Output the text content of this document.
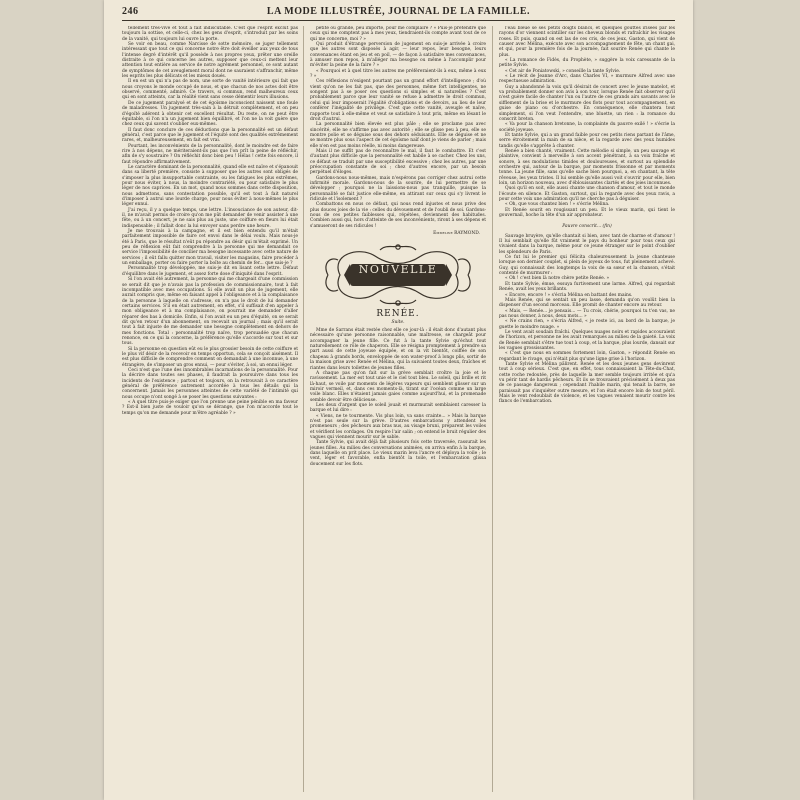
246	LA MODE ILLUSTRÉE, JOURNAL DE LA FAMILLE.

tellement très-vive et tout à fait indiscutable. C'est que l'esprit exclut pas toujours la sottise, et celle-ci, chez les gens d'esprit, s'introduit par les soins de la vanité, qui toujours lui ouvre la porte.

Se voir en beau, comme Narcisse de sotte mémoire, se juger tellement intéressant que tout ce qui concerne notre être doit éveiller aux yeux de tous l'intense degré d'intérêt qu'il possède à nos propres yeux, prêter une oreille distraite à ce qui concerne les autres, supposer que ceux-ci mettent leur attention tout entière au service de notre agrément personnel, ce sont autant de symptômes de cet aveuglement moral dont ne sauraient s'affranchir, même les esprits les plus délicats et les mieux doués.

Il en est un qui n'a pas de nom, une sorte de vanité intérieure qui fait que nous croyons le monde occupé de nous, et que chacun de nos actes doit être observé, commenté, admiré. Ce travers, si commun, rend malheureux ceux qui en sont atteints, car la réalité vient sans cesse démentir leurs illusions.

De ce jugement paralysé et de cet égoïsme inconscient naissent une foule de maladresses. Un jugement très-sain à la détruit complètement, et on peu d'égoïté adérent à obtenir cet excellent résultat. Du reste, on ne peut être équitable, si l'on n'a un jugement bien équilibré, et l'on ne la voit guère que chez ceux qui savent s'oublier eux-mêmes.

Il faut donc conclure de ces déductions que la personnalité est un défaut général, c'est parce que le jugement et l'équité sont des qualités extrêmement rares, et, malheureusement, en fait est vrai.

Pourtant, les inconvénients de la personnalité, dont le moindre est de faire rire à nos dépens, ne mériteraient-ils pas que l'on prît la peine de réfléchir, afin de s'y soustraire ? On réfléchit donc bien peu ! Hélas ! cette fois encore, il faut répondre affirmativement.

Le caractère dominant de la personnalité, quand elle est naïve et s'épanouit dans sa liberté première, consiste à supposer que les autres sont obligés de s'imposer la plus insupportable contrainte, ou les fatigues les plus extrêmes, pour nous éviter, à nous, la moindre contrariété, ou pour satisfaire le plus léger de nos caprices. En un mot, quand nous sommes dans cette disposition, nous admettons, sans contestation possible, qu'il est tout à fait naturel d'imposer à autrui une lourde charge, pour nous éviter à nous-mêmes le plus léger ennui.

J'ai reçu, il y a quelque temps, une lettre. L'insouciance de son auteur, dit-il, ne m'avait permis de croire qu'on me pût demander de venir assister à une fête, ou à un concert, je ne sais plus au juste, une coiffure en fleurs lui était indispensable ; il fallait donc la lui envoyer sans perdre une heure.

Je me trouvais à la campagne, et il est bien entendu qu'il m'était parfaitement impossible de faire cet envoi dans le délai voulu. Mais nous-je été à Paris, que le résultat n'eût pu répondre au désir qui m'était exprimé. Un peu de réflexion eût fait comprendre à la personne qui me demandait ce service l'impossibilité de concilier ma besogne incessante avec cette nature de services ; il eût fallu quitter mon travail, visiter les magasins, faire procéder à un emballage, porter ou faire porter la boîte au chemin de fer... que sais-je ?

Personnalité trop développée, me suis-je dit en lisant cette lettre. Défaut d'équilibre dans le jugement, et assez forte dose d'iniquité dans l'esprit.

Si l'on avait été autrement, la personne qui me chargeait d'une commission se serait dit que je n'avais pas la profession de commissionnaire, tout à fait incompatible avec mes occupations. Si elle avait un plus de jugement, elle aurait compris que, même en faisant appel à l'obligeance et à la complaisance de la personne à laquelle on s'adresse, on n'a pas le droit de lui demander certains services. S'il en était autrement, en effet, s'il suffisait d'en appeler à mon obligeance et à ma complaisance, on pourrait me demander d'aller réparer des bas à domicile. Enfin, si l'on avait eu un peu d'équité, on se serait dit qu'en retour d'un abonnement, on recevait un journal ; mais qu'il serait tout à fait injuste de me demander une besogne complètement en dehors de mes fonctions. Total : personnalité trop naïve, trop persuadée que chacun renonce, en ce qui la concerne, la préférence qu'elle s'accorde sur tout et sur tous.

Si la personne en question eût eu le plus grossier besoin de cette coiffure et le plus vif désir de la recevoir en temps opportun, cela se conçoit aisément. Il est plus difficile de comprendre comment on demandait à une inconnue, à une étrangère, de s'imposer un gros ennui, — pour s'éviter, à soi, un ennui léger.

Ceci n'est que l'une des innombrables incarnations de la personnalité. Pour la décrire dans toutes ses phases, il faudrait la poursuivre dans tous les incidents de l'existence ; partout et toujours, on la retrouvait à ce caractère général de préférence autrement accordée à tous les détails qui la concernent. Jamais les personnes atteintes de cette variété de l'intimité qui nous occupe n'ont songé à se poser les questions suivantes :

« A quel titre puis-je exiger que l'on prenne une peine pénible en ma faveur ? Est-il bien juste de vouloir qu'on se dérange, que l'on m'accorde tout le temps qu'on me demande pour m'être agréable ? »

petite ou grande, peu importe, pour me complaire ? « Puis-je prétendre que ceux qui me comptent pas à mes yeux, tiendraient-ils compte avant tout de ce qui me concerne, moi ? »

Qui produit d'étrange perversion de jugement en suis-je arrivée à croire que les autres sont disposés à agir, — leur repos, leur besogne, leurs convenances étant en jeu et en poil, — de façon à satisfaire mes convenances, à amuser mon repos, à m'alléger ma besogne ou même à l'accomplir pour m'éviter la peine de la faire ? »

« Pourquoi et à quel titre les autres me préféreraient-ils à eux, même à eux ? »

Ces réflexions n'exigent pourtant pas un grand effort d'intelligence ; d'où vient qu'on ne les fait pas, que des personnes, même fort intelligentes, ne songent pas à se poser ces questions si simples et si naturelles ? C'est probablement parce que leur vanité se refuse à admettre le droit commun, celui qui leur imposerait l'égalité d'obligations et de devoirs, au lieu de leur conférer l'inégalité de privilège. C'est que cette vanité, aveugle et naïve, rapporte tout à elle-même et veut se satisfaire à tout prix, même en lésant le droit d'autrui.

La personnalité bien élevée est plus pâle ; elle se proclame pas avec sincérité, elle ne s'affirme pas avec autorité ; elle se glisse peu à peu, elle se montre polie et se déguise sous des dehors séduisants. Elle se déguise et ne se montre plus sous l'aspect de cet égoïsme naïf dont je viens de parler ; mais elle n'en est pas moins réelle, ni moins dangereuse.

Mais il ne suffit pas de reconnaître le mal, il faut le combattre. Et c'est d'autant plus difficile que la personnalité est habile à se cacher. Chez les uns, ce défaut se traduit par une susceptibilité excessive ; chez les autres, par une préoccupation constante de soi ; chez d'autres encore, par un besoin perpétuel d'éloges.

Gardons-nous nous-mêmes, mais n'espérons pas corriger chez autrui cette infirmité morale. Gardons-nous de la sourire, de lui permettre de se développer ; pourquoi ne la laissions-nous pas tranquille, puisque la personnalité se fait justice elle-même, en attirant sur ceux qui s'y livrent le ridicule et l'isolement ?

Combattons en nous ce défaut, qui nous rend injustes et nous prive des plus douces joies de la vie : celles du dévouement et de l'oubli de soi. Gardons-nous de ces petites faiblesses qui, répétées, deviennent des habitudes. Combien aussi qui, hors d'atteinte de ses inconvénients, riront à ses dépens et s'amuseront de ses ridicules !

Emmeline RAYMOND.
NOUVELLE
RENÉE.
Suite.

Mme de Sarrans était restée chez elle ce jour-là : il était donc d'autant plus nécessaire qu'une personne raisonnable, une maîtresse, se chargeât pour accompagner la jeune fille. Ce fut à la tante Sylvie qu'échut tout naturellement ce rôle de chaperon. Elle se résigna promptement à prendre sa part aussi de cette joyeuse équipée, et on la vit bientôt, coiffée de son chapeau à grands bords, enveloppée de son water-proof à longs plis, sortir de la maison grise avec Renée et Mélina, qui la suivaient toutes deux, fraîches et riantes dans leurs toilettes de jeunes filles.

A chaque pas qu'on fait sur la grève semblait croître la joie et le ravissement. La mer est tout unie et le ciel tout bleu. Le soleil, qui brille et rit là-haut, se voile par moments de légères vapeurs qui semblent glisser sur un miroir vermeil, et, dans ces moments-là, tirant sur l'océan comme un large voile blanc. Elles n'étaient jamais gaies comme aujourd'hui, et la promenade semble devoir être délicieuse.

Les deux d'argent que le soleil jouait et murmurait semblaient caresser la barque et lui dire :

« Viens, ne te tourmente. Vis plus loin, va sans crainte... » Mais la barque n'est pas seule sur la grève. D'autres embarcations y attendent les promeneurs ; des pêcheurs aux bras nus, au visage bruni, préparent les voiles et vérifient les cordages. On respire l'air salin ; on entend le bruit régulier des vagues qui viennent mourir sur le sable.

Tante Sylvie, qui avait déjà fait plusieurs fois cette traversée, rassurait les jeunes filles. Au milieu des conversations animées, on arriva enfin à la barque, dans laquelle on prit place. Le vieux marin leva l'ancre et déploya la voile ; le vent, léger et favorable, enfla bientôt la toile, et l'embarcation glissa doucement sur les flots.

l'eau bleue se ses petits doigts blancs, et quelques gouttes irisées par les rayons d'or viennent scintiller sur les cheveux blonds et rafraîchir les visages roses. Et puis, quand on est las de ces cris, de ces jeux, Gaston, qui vient de causer avec Mélina, exécute avec son accompagnement de fête, un chant gai, et qui, pour la première fois de la journée, fait sourire Renée qui chante le plus.

« La romance de Fidès, du Prophète, » suggère la voix caressante de la petite Sylvie.

« Cet air de Poniatowski, » conseille la tante Sylvie.

« Le récit de Jeanne d'Arc, dans Charles VI, » murmure Alfred avec une respectueuse admiration.

Guy a abandonné la voix qu'il désirait de concert avec le jeune matelot, et va probablement donner son avis à son tour, lorsque Renée fait observer qu'il n'est guère facile de chanter l'un ou l'autre de ces grands airs savants avec le sifflement de la brise et le murmure des flots pour tout accompagnement, en guise de piano ou d'orchestre. En conséquence, elle chantera tout simplement, si l'on veut l'entendre, une bluette, un rien : la romance du conscrit breton.

« Va pour la chanson bretonne, la complainte du pauvre exilé ! » s'écrie la société joyeuse.

Et tante Sylvie, qui a un grand faible pour ces petits riens partant de l'âme, serre étroitement la main de sa nièce, et la regarde avec des yeux humides tandis qu'elle s'apprête à chanter.

Renée a bien chanté, vraiment. Cette mélodie si simple, un peu sauvage et plaintive, convient à merveille à son accent pénétrant, à sa voix fraîche et sonore, à ses modulations timides et douloureuses, et surtout au splendide orchestre qui, autour de la barque, par moments frissonne et par moments tonne. La jeune fille, sans qu'elle sache bien pourquoi, a, en chantant, la tête rêveuse, les yeux tristes. Il lui semble qu'elle aussi voit s'ouvrir pour elle, bien loin, un horizon nouveau, avec d'éblouissantes clartés et des joies inconnues.

Quoi qu'il en soit, elle aussi chante une chanson d'amour, et tout le monde l'écoute en silence. Et Gaston, surtout, qui la regarde avec des yeux ravis, a pour cette voix une admiration qu'il ne cherche pas à déguiser.

« Oh, que vous chantez bien ! » s'écrie Mélina.

Et Renée sourit en rougissant un peu. Et le vieux marin, qui tient le gouvernail, hoche la tête d'un air approbateur.

Pauvre conscrit... (fin)

Sauvage bruyère, qu'elle chantait si bien, avec tant de charme et d'amour ! Il lui semblait qu'elle fût vraiment le pays du bonheur pour tous ceux qui vivaient dans la barque, même pour ce jeune étranger sur le point d'oublier les splendeurs de Paris.

Ce fut lui le premier qui félicita chaleureusement la jeune chanteuse lorsque son dernier couplet, si plein de joyeux de tous, fut pleinement achevé. Guy, qui connaissait des longtemps la voix de sa sœur et la chanson, s'était contenté de murmurer :

« Oh ! c'est bien là notre chère petite Renée. »

Et tante Sylvie, émue, essuya furtivement une larme. Alfred, qui regardait Renée, avait les yeux brillants.

« Encore, encore ! » s'écria Mélina en battant des mains.

Mais Renée, qui se sentait un peu lasse, demanda qu'on voulût bien la dispenser d'un second morceau. Elle promit de chanter encore au retour.

« Mais, — Renée... je pensais... — Tu crois, chérie, pourquoi tu t'en vas, ne pas nous donner, à nous, deux mots... »

« Ne crains rien, » s'écria Alfred, « je reste ici, au bord de la barque, je guette le moindre nuage. »

Le vent avait soudain fraîchi. Quelques nuages noirs et rapides accouraient de l'horizon, et personne ne les avait remarqués au milieu de la gaieté. La voix de Renée semblait s'être tue tout à coup, et la barque, plus lourde, dansait sur les vagues grossissantes.

« C'est que nous en sommes fortement loin, Gaston, » répondit Renée en regardant le rivage, qui n'était plus qu'une ligne grise à l'horizon.

Tante Sylvie et Mélina pâlirent. Renée et les deux jeunes gens devinrent tout à coup sérieux. C'est que, en effet, tous connaissaient la Tête-du-Chat, cette roche redoutée, près de laquelle la mer semble toujours irritée et qu'a vu périr tant de hardis pêcheurs. Et ils se trouvaient précisément à deux pas de ce passage dangereux ; cependant l'habile marin, qui tenait la barre, ne paraissait pas s'inquiéter outre mesure, et l'on était encore loin de tout péril. Mais le vent redoublait de violence, et les vagues venaient mourir contre les flancs de l'embarcation.
